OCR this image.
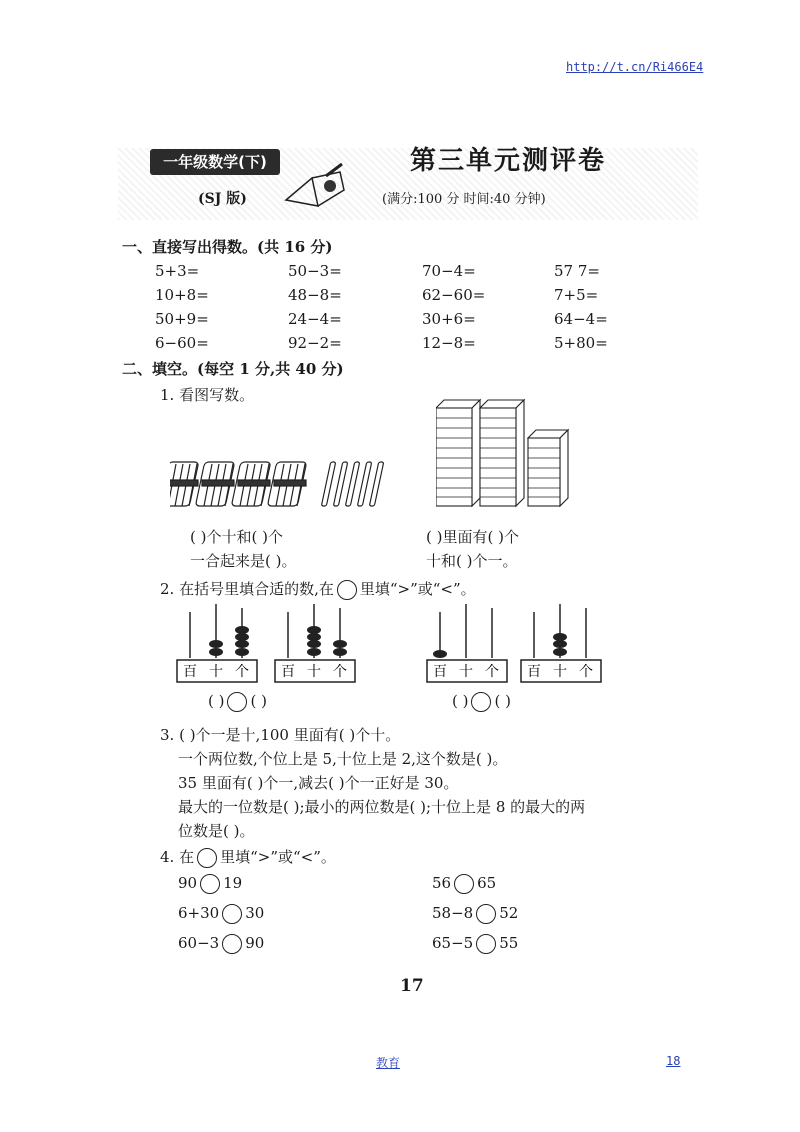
http://t.cn/Ri466E4
一年级数学(下)
(SJ 版)
第三单元测评卷
(满分:100 分 时间:40 分钟)
一、直接写出得数。(共 16 分)
5+3=	50−3=	70−4=	57 7=
10+8=	48−8=	62−60=	7+5=
50+9=	24−4=	30+6=	64−4=
6−60=	92−2=	12−8=	5+80=
二、填空。(每空 1 分,共 40 分)
1. 看图写数。
( )个十和( )个
一合起来是( )。
( )里面有( )个
十和( )个一。
2. 在括号里填合适的数,在 里填“>”或“<”。
百 十 个 百 十 个	百 十 个 百 十 个
( ) ( )	( ) ( )
3. ( )个一是十,100 里面有( )个十。
一个两位数,个位上是 5,十位上是 2,这个数是( )。
35 里面有( )个一,减去( )个一正好是 30。
最大的一位数是( );最小的两位数是( );十位上是 8 的最大的两
位数是( )。
4. 在 里填“>”或“<”。
90 19	56 65
6+30 30	58−8 52
60−3 90	65−5 55
17
教育	18
